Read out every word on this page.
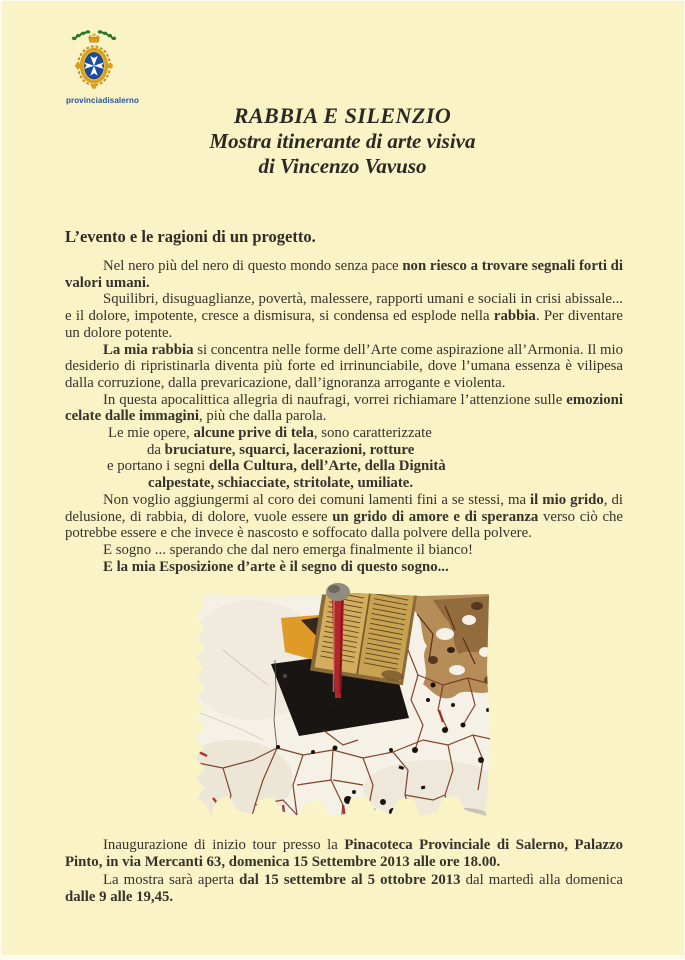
provinciadisalerno
RABBIA E SILENZIO
Mostra itinerante di arte visiva
di Vincenzo Vavuso
L’evento e le ragioni di un progetto.

Nel nero più del nero di questo mondo senza pace non riesco a trovare segnali forti di valori umani.

Squilibri, disuguaglianze, povertà, malessere, rapporti umani e sociali in crisi abissale... e il dolore, impotente, cresce a dismisura, si condensa ed esplode nella rabbia. Per diventare un dolore potente.

La mia rabbia si concentra nelle forme dell’Arte come aspirazione all’Armonia. Il mio desiderio di ripristinarla diventa più forte ed irrinunciabile, dove l’umana essenza è vilipesa dalla corruzione, dalla prevaricazione, dall’ignoranza arrogante e violenta.

In questa apocalittica allegria di naufragi, vorrei richiamare l’attenzione sulle emozioni celate dalle immagini, più che dalla parola.

Le mie opere, alcune prive di tela, sono caratterizzate

da bruciature, squarci, lacerazioni, rotture

e portano i segni della Cultura, dell’Arte, della Dignità

calpestate, schiacciate, stritolate, umiliate.

Non voglio aggiungermi al coro dei comuni lamenti fini a se stessi, ma il mio grido, di delusione, di rabbia, di dolore, vuole essere un grido di amore e di speranza verso ciò che potrebbe essere e che invece è nascosto e soffocato dalla polvere della polvere.

E sogno ... sperando che dal nero emerga finalmente il bianco!

E la mia Esposizione d’arte è il segno di questo sogno...

Inaugurazione di inizio tour presso la Pinacoteca Provinciale di Salerno, Palazzo Pinto, in via Mercanti 63, domenica 15 Settembre 2013 alle ore 18.00.

La mostra sarà aperta dal 15 settembre al 5 ottobre 2013 dal martedì alla domenica dalle 9 alle 19,45.
